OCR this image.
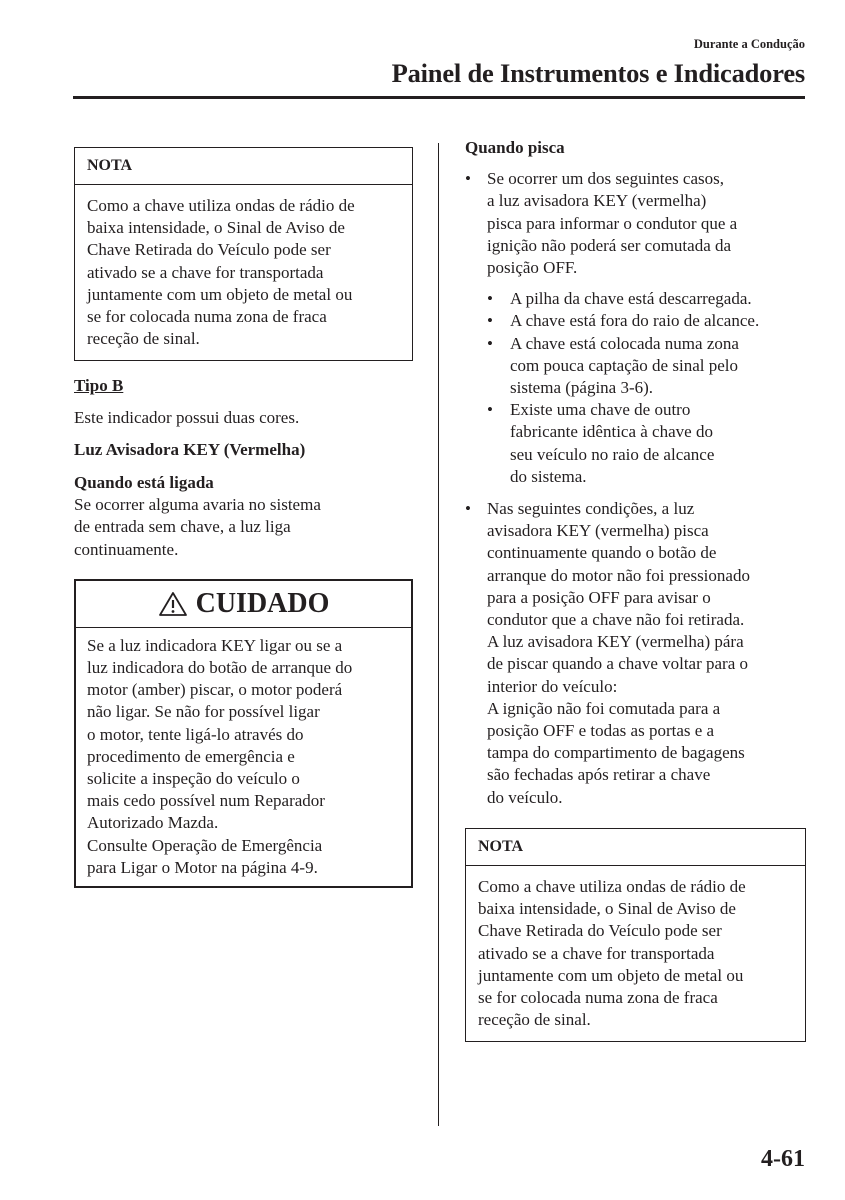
Durante a Condução
Painel de Instrumentos e Indicadores
NOTA
Como a chave utiliza ondas de rádio de
baixa intensidade, o Sinal de Aviso de
Chave Retirada do Veículo pode ser
ativado se a chave for transportada
juntamente com um objeto de metal ou
se for colocada numa zona de fraca
receção de sinal.
Tipo B
Este indicador possui duas cores.
Luz Avisadora KEY (Vermelha)
Quando está ligada
Se ocorrer alguma avaria no sistema
de entrada sem chave, a luz liga
continuamente.
CUIDADO
Se a luz indicadora KEY ligar ou se a
luz indicadora do botão de arranque do
motor (amber) piscar, o motor poderá
não ligar. Se não for possível ligar
o motor, tente ligá-lo através do
procedimento de emergência e
solicite a inspeção do veículo o
mais cedo possível num Reparador
Autorizado Mazda.
Consulte Operação de Emergência
para Ligar o Motor na página 4-9.
Quando pisca
• Se ocorrer um dos seguintes casos,
a luz avisadora KEY (vermelha)
pisca para informar o condutor que a
ignição não poderá ser comutada da
posição OFF.
• A pilha da chave está descarregada.
• A chave está fora do raio de alcance.
• A chave está colocada numa zona
com pouca captação de sinal pelo
sistema (página 3-6).
• Existe uma chave de outro
fabricante idêntica à chave do
seu veículo no raio de alcance
do sistema.
• Nas seguintes condições, a luz
avisadora KEY (vermelha) pisca
continuamente quando o botão de
arranque do motor não foi pressionado
para a posição OFF para avisar o
condutor que a chave não foi retirada.
A luz avisadora KEY (vermelha) pára
de piscar quando a chave voltar para o
interior do veículo:
A ignição não foi comutada para a
posição OFF e todas as portas e a
tampa do compartimento de bagagens
são fechadas após retirar a chave
do veículo.
NOTA
Como a chave utiliza ondas de rádio de
baixa intensidade, o Sinal de Aviso de
Chave Retirada do Veículo pode ser
ativado se a chave for transportada
juntamente com um objeto de metal ou
se for colocada numa zona de fraca
receção de sinal.
4-61
